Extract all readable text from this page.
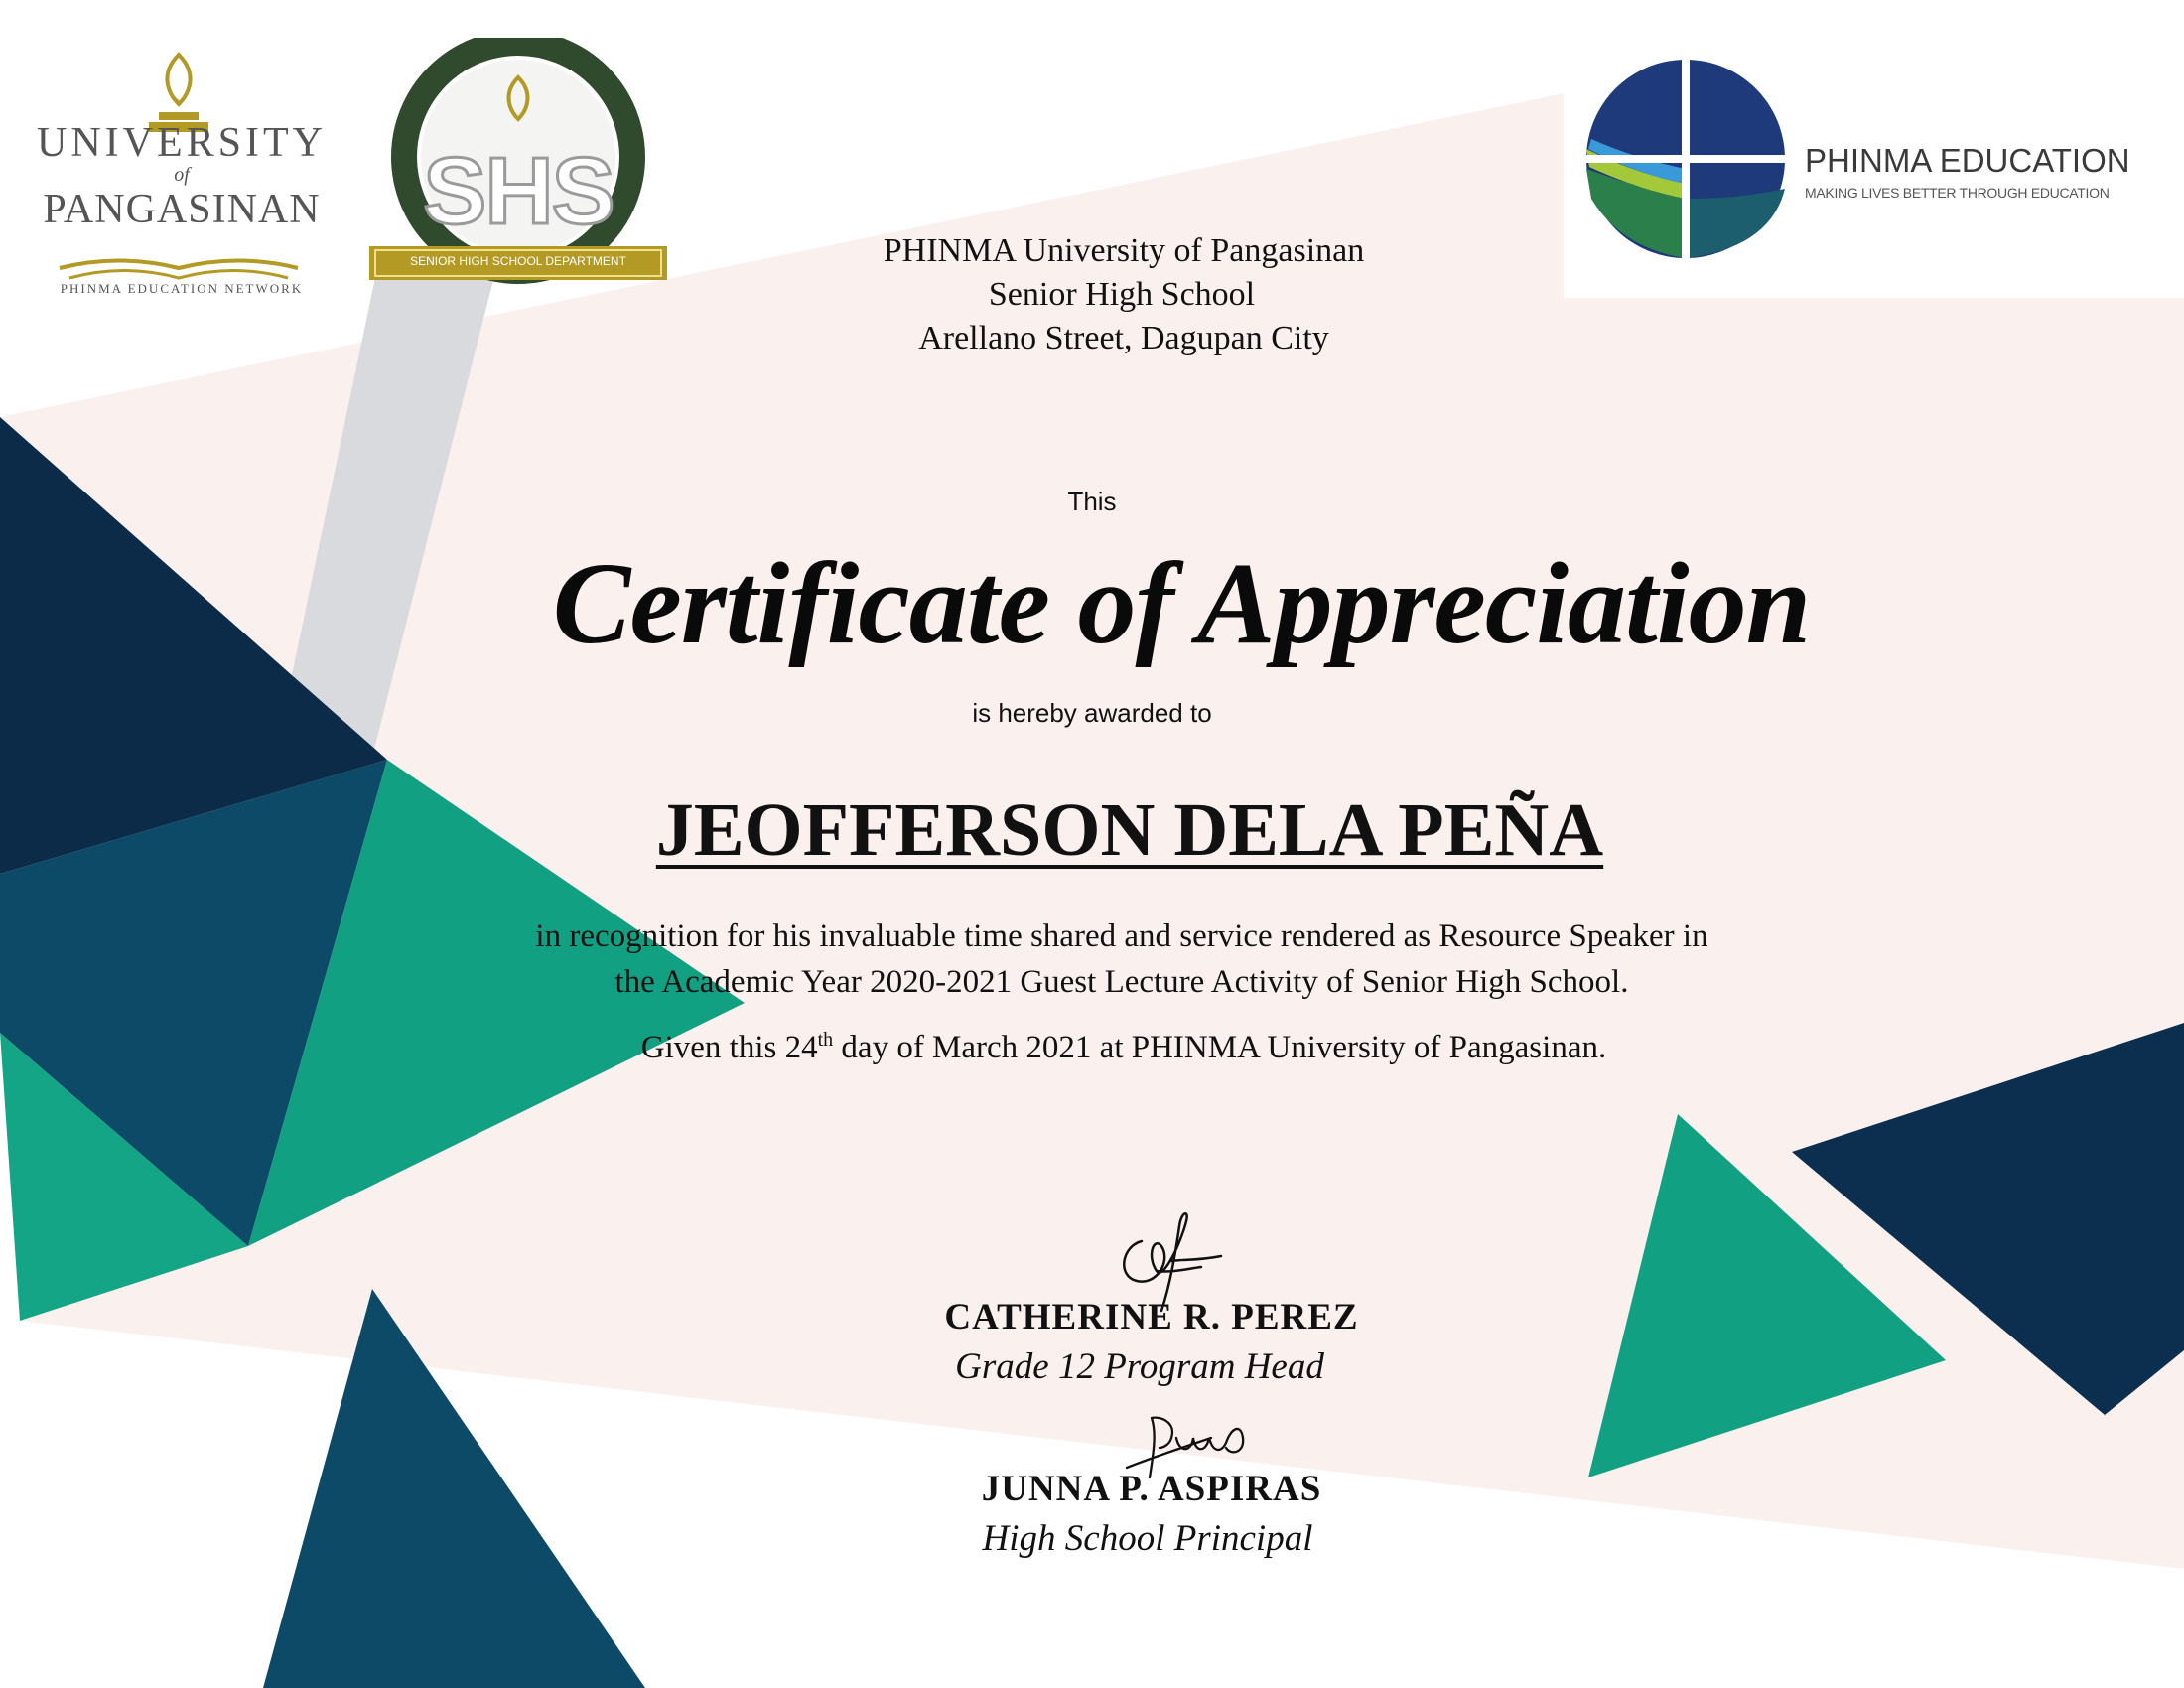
UNIVERSITY
of
PANGASINAN
PHINMA EDUCATION NETWORK
SHS
SENIOR HIGH SCHOOL DEPARTMENT
PHINMA EDUCATION
MAKING LIVES BETTER THROUGH EDUCATION
PHINMA University of Pangasinan
Senior High School
Arellano Street, Dagupan City
This
Certificate of Appreciation
is hereby awarded to
JEOFFERSON DELA PEÑA
in recognition for his invaluable time shared and service rendered as Resource Speaker in
the Academic Year 2020-2021 Guest Lecture Activity of Senior High School.
Given this 24th day of March 2021 at PHINMA University of Pangasinan.
CATHERINE R. PEREZ
Grade 12 Program Head
JUNNA P. ASPIRAS
High School Principal
